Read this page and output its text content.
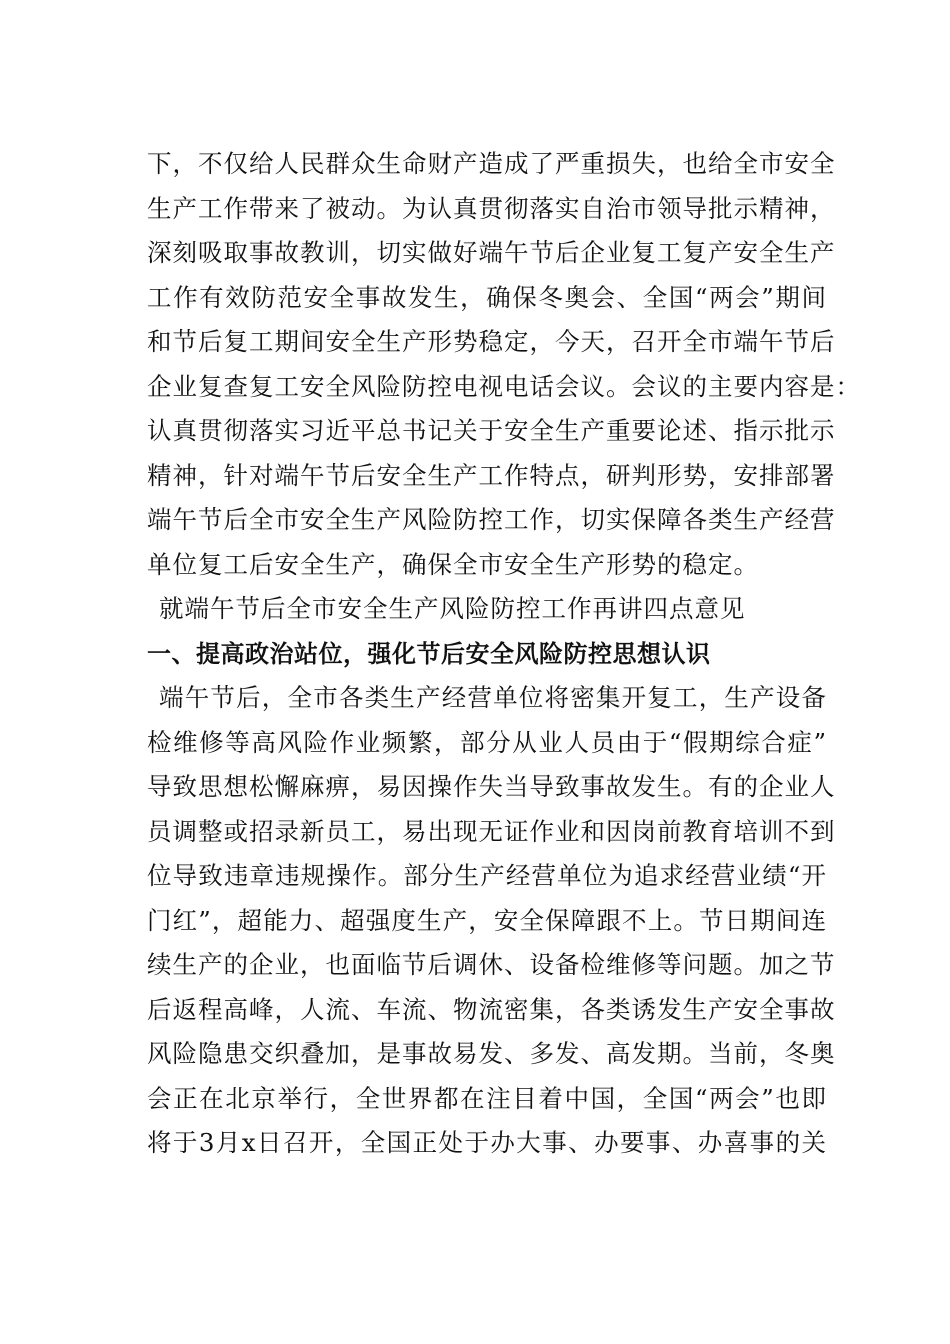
下，不仅给人民群众生命财产造成了严重损失，也给全市安全
生产工作带来了被动。为认真贯彻落实自治市领导批示精神，
深刻吸取事故教训，切实做好端午节后企业复工复产安全生产
工作有效防范安全事故发生，确保冬奥会、全国“两会”期间
和节后复工期间安全生产形势稳定，今天，召开全市端午节后
企业复查复工安全风险防控电视电话会议。会议的主要内容是：
认真贯彻落实习近平总书记关于安全生产重要论述、指示批示
精神，针对端午节后安全生产工作特点，研判形势，安排部署
端午节后全市安全生产风险防控工作，切实保障各类生产经营
单位复工后安全生产，确保全市安全生产形势的稳定。
就端午节后全市安全生产风险防控工作再讲四点意见
一、提高政治站位，强化节后安全风险防控思想认识
端午节后，全市各类生产经营单位将密集开复工，生产设备
检维修等高风险作业频繁，部分从业人员由于“假期综合症”
导致思想松懈麻痹，易因操作失当导致事故发生。有的企业人
员调整或招录新员工，易出现无证作业和因岗前教育培训不到
位导致违章违规操作。部分生产经营单位为追求经营业绩“开
门红”，超能力、超强度生产，安全保障跟不上。节日期间连
续生产的企业，也面临节后调休、设备检维修等问题。加之节
后返程高峰，人流、车流、物流密集，各类诱发生产安全事故
风险隐患交织叠加，是事故易发、多发、高发期。当前，冬奥
会正在北京举行，全世界都在注目着中国，全国“两会”也即
将于3月x日召开，全国正处于办大事、办要事、办喜事的关
